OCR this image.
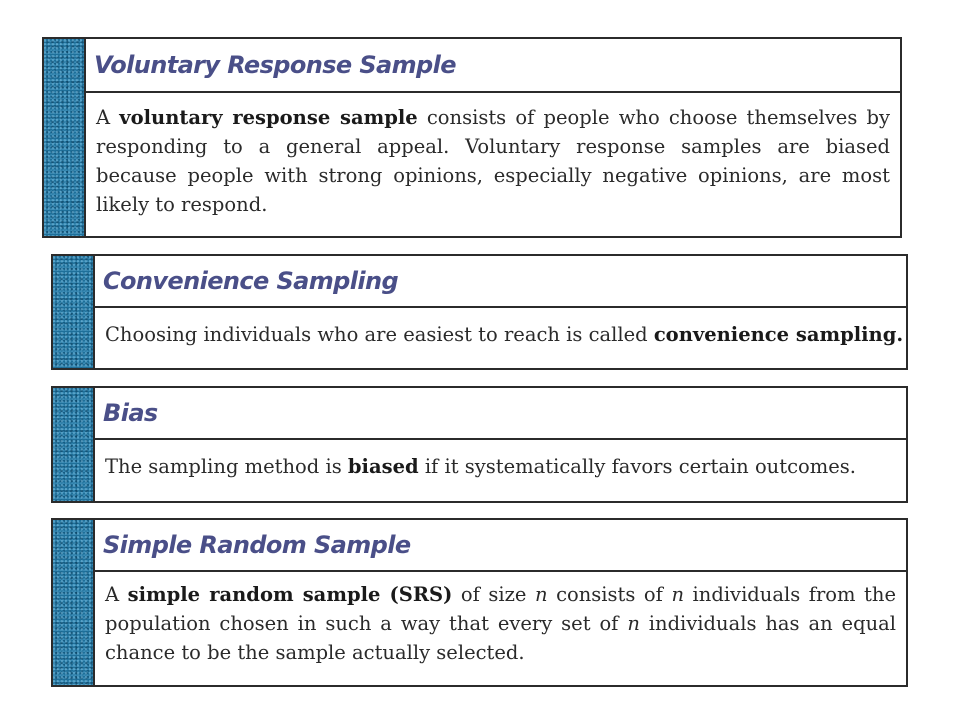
Voluntary Response Sample
A voluntary response sample consists of people who choose themselves by responding to a general appeal. Voluntary response samples are biased because people with strong opinions, especially negative opinions, are most likely to respond.
Convenience Sampling
Choosing individuals who are easiest to reach is called convenience sampling.
Bias
The sampling method is biased if it systematically favors certain outcomes.
Simple Random Sample
A simple random sample (SRS) of size n consists of n individuals from the population chosen in such a way that every set of n individuals has an equal chance to be the sample actually selected.
